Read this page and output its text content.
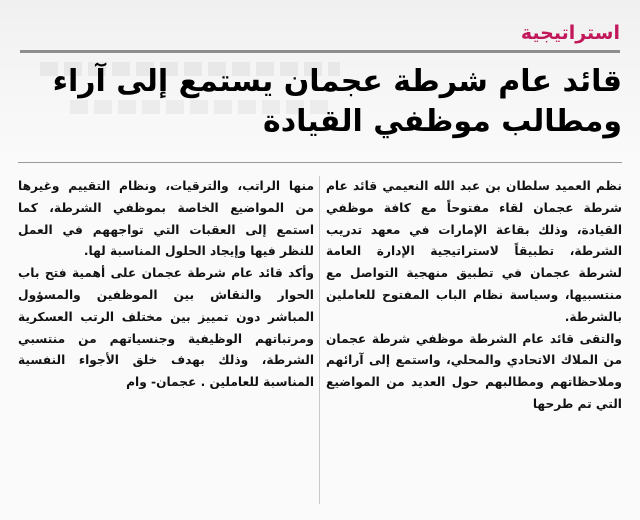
استراتيجية
قائد عام شرطة عجمان يستمع إلى آراء ومطالب موظفي القيادة

نظم العميد سلطان بن عبد الله النعيمي قائد عام شرطة عجمان لقاء مفتوحاً مع كافة موظفي القيادة، وذلك بقاعة الإمارات في معهد تدريب الشرطة، تطبيقاً لاستراتيجية الإدارة العامة لشرطة عجمان في تطبيق منهجية التواصل مع منتسبيها، وسياسة نظام الباب المفتوح للعاملين بالشرطة.

والتقى قائد عام الشرطة موظفي شرطة عجمان من الملاك الاتحادي والمحلي، واستمع إلى آرائهم وملاحظاتهم ومطالبهم حول العديد من المواضيع التي تم طرحها

منها الراتب، والترقيات، ونظام التقييم وغيرها من المواضيع الخاصة بموظفي الشرطة، كما استمع إلى العقبات التي تواجههم في العمل للنظر فيها وإيجاد الحلول المناسبة لها.

وأكد قائد عام شرطة عجمان على أهمية فتح باب الحوار والنقاش بين الموظفين والمسؤول المباشر دون تمييز بين مختلف الرتب العسكرية ومرتباتهم الوظيفية وجنسياتهم من منتسبي الشرطة، وذلك بهدف خلق الأجواء النفسية المناسبة للعاملين . عجمان- وام
